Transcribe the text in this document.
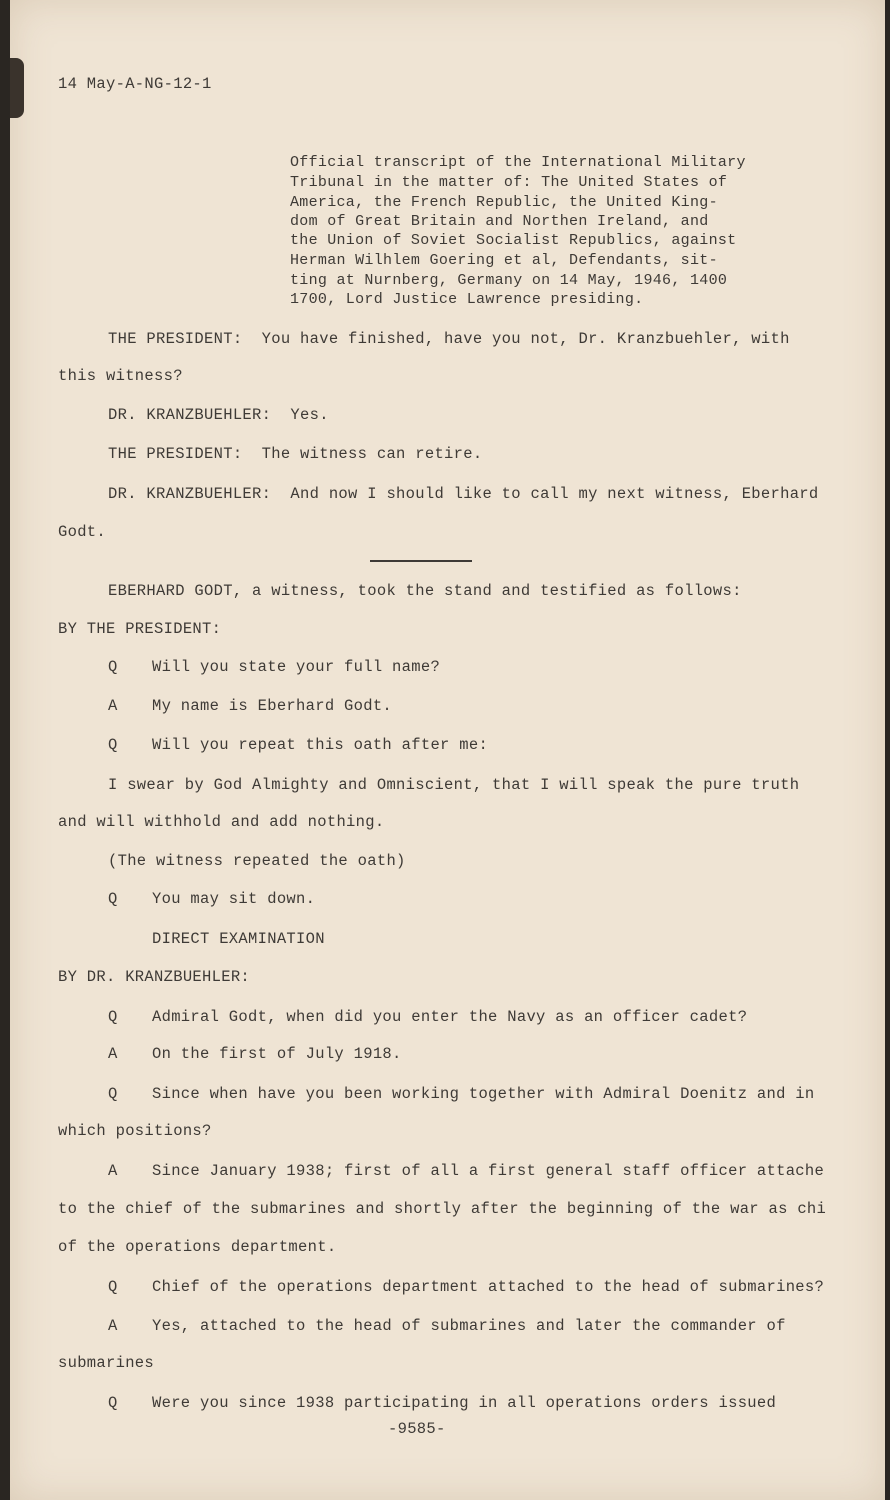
14 May-A-NG-12-1
Official transcript of the International Military
Tribunal in the matter of: The United States of
America, the French Republic, the United King-
dom of Great Britain and Northen Ireland, and
the Union of Soviet Socialist Republics, against
Herman Wilhlem Goering et al, Defendants, sit-
ting at Nurnberg, Germany on 14 May, 1946, 1400
1700, Lord Justice Lawrence presiding.
THE PRESIDENT:  You have finished, have you not, Dr. Kranzbuehler, with
this witness?
DR. KRANZBUEHLER:  Yes.
THE PRESIDENT:  The witness can retire.
DR. KRANZBUEHLER:  And now I should like to call my next witness, Eberhard
Godt.
EBERHARD GODT, a witness, took the stand and testified as follows:
BY THE PRESIDENT:
Q Will you state your full name?
A My name is Eberhard Godt.
Q Will you repeat this oath after me:
I swear by God Almighty and Omniscient, that I will speak the pure truth
and will withhold and add nothing.
(The witness repeated the oath)
Q You may sit down.
DIRECT EXAMINATION
BY DR. KRANZBUEHLER:
Q Admiral Godt, when did you enter the Navy as an officer cadet?
A On the first of July 1918.
Q Since when have you been working together with Admiral Doenitz and in
which positions?
A Since January 1938; first of all a first general staff officer attache
to the chief of the submarines and shortly after the beginning of the war as chi
of the operations department.
Q Chief of the operations department attached to the head of submarines?
A Yes, attached to the head of submarines and later the commander of
submarines
Q Were you since 1938 participating in all operations orders issued
-9585-
